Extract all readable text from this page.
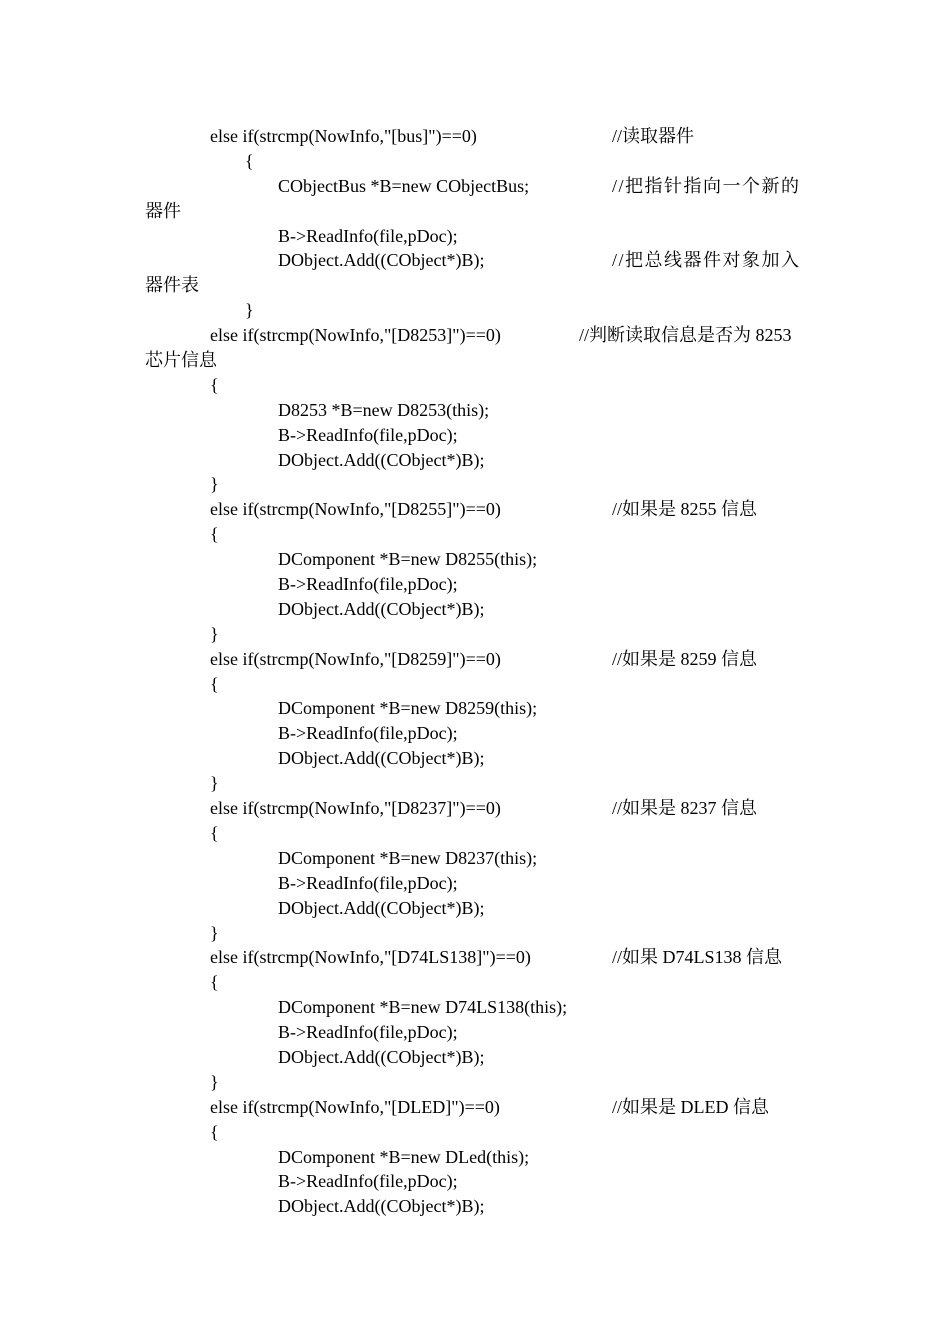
else if(strcmp(NowInfo,"[bus]")==0)	//读取器件
{
CObjectBus *B=new CObjectBus;	//把指针指向一个新的
器件
B->ReadInfo(file,pDoc);
DObject.Add((CObject*)B);	//把总线器件对象加入
器件表
}
else if(strcmp(NowInfo,"[D8253]")==0)	//判断读取信息是否为 8253
芯片信息
{
D8253 *B=new D8253(this);
B->ReadInfo(file,pDoc);
DObject.Add((CObject*)B);
}
else if(strcmp(NowInfo,"[D8255]")==0)	//如果是 8255 信息
{
DComponent *B=new D8255(this);
B->ReadInfo(file,pDoc);
DObject.Add((CObject*)B);
}
else if(strcmp(NowInfo,"[D8259]")==0)	//如果是 8259 信息
{
DComponent *B=new D8259(this);
B->ReadInfo(file,pDoc);
DObject.Add((CObject*)B);
}
else if(strcmp(NowInfo,"[D8237]")==0)	//如果是 8237 信息
{
DComponent *B=new D8237(this);
B->ReadInfo(file,pDoc);
DObject.Add((CObject*)B);
}
else if(strcmp(NowInfo,"[D74LS138]")==0)	//如果 D74LS138 信息
{
DComponent *B=new D74LS138(this);
B->ReadInfo(file,pDoc);
DObject.Add((CObject*)B);
}
else if(strcmp(NowInfo,"[DLED]")==0)	//如果是 DLED 信息
{
DComponent *B=new DLed(this);
B->ReadInfo(file,pDoc);
DObject.Add((CObject*)B);
